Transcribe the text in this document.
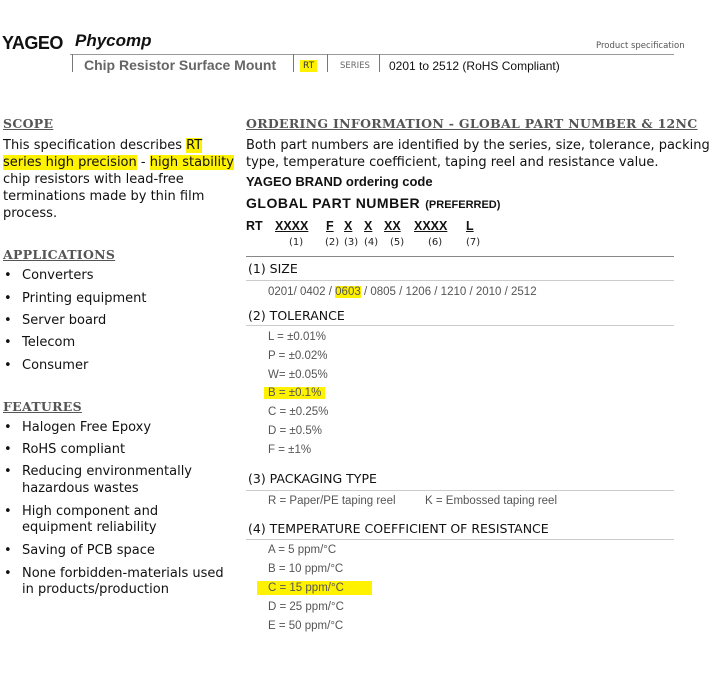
YAGEO Phycomp	Product specification
Chip Resistor Surface Mount	RT	SERIES 0201 to 2512 (RoHS Compliant)
SCOPE
This specification describes RT
series high precision - high stability
chip resistors with lead-free
terminations made by thin film
process.
APPLICATIONS
• Converters
• Printing equipment
• Server board
• Telecom
• Consumer
FEATURES
• Halogen Free Epoxy
• RoHS compliant
• Reducing environmentally
hazardous wastes
• High component and
equipment reliability
• Saving of PCB space
• None forbidden-materials used
in products/production
ORDERING INFORMATION - GLOBAL PART NUMBER & 12NC
Both part numbers are identified by the series, size, tolerance, packing
type, temperature coefficient, taping reel and resistance value.
YAGEO BRAND ordering code
GLOBAL PART NUMBER (PREFERRED)
RT XXXX F X X XX XXXX L
(1) (2) (3) (4) (5) (6) (7)
(1) SIZE
0201/ 0402 / 0603 / 0805 / 1206 / 1210 / 2010 / 2512
(2) TOLERANCE
L = ±0.01%
P = ±0.02%
W= ±0.05%
B = ±0.1%
C = ±0.25%
D = ±0.5%
F = ±1%
(3) PACKAGING TYPE
R = Paper/PE taping reel	K = Embossed taping reel
(4) TEMPERATURE COEFFICIENT OF RESISTANCE
A = 5 ppm/°C
B = 10 ppm/°C
C = 15 ppm/°C
D = 25 ppm/°C
E = 50 ppm/°C
